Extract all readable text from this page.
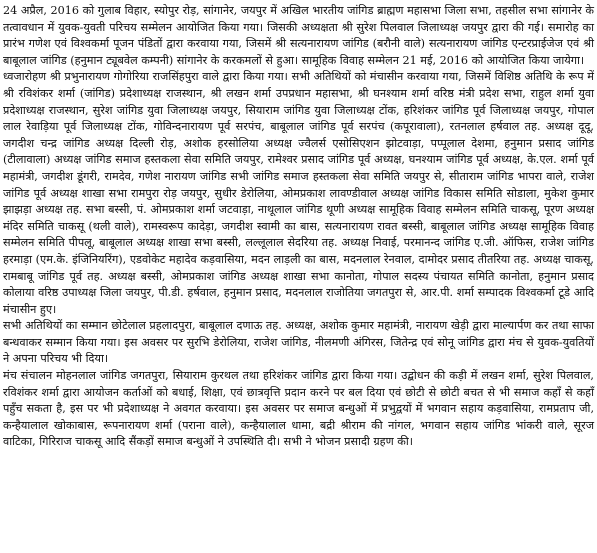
24 अप्रैल, 2016 को गुलाब विहार, स्योपुर रोड़, सांगानेर, जयपुर में अखिल भारतीय जांगिड ब्राह्मण महासभा जिला सभा, तहसील सभा सांगानेर के तत्वावधान में युवक-युवती परिचय सम्मेलन आयोजित किया गया। जिसकी अध्यक्षता श्री सुरेश पिलवाल जिलाध्यक्ष जयपुर द्वारा की गई। समारोह का प्रारंभ गणेश एवं विश्वकर्मा पूजन पंडितों द्वारा करवाया गया, जिसमें श्री सत्यनारायण जांगिड (बरौनी वाले) सत्यनारायण जांगिड एन्टरप्राईजेज एवं श्री बाबूलाल जांगिड (हनुमान ट्यूबवेल कम्पनी) सांगानेर के करकमलों से हुआ। सामूहिक विवाह सम्मेलन 21 मई, 2016 को आयोजित किया जायेगा।

ध्वजारोहण श्री प्रभुनारायण गोगोरिया राजसिंहपुरा वाले द्वारा किया गया। सभी अतिथियों को मंचासीन करवाया गया, जिसमें विशिष्ठ अतिथि के रूप में श्री रविशंकर शर्मा (जांगिड) प्रदेशाध्यक्ष राजस्थान, श्री लखन शर्मा उपप्रधान महासभा, श्री घनश्याम शर्मा वरिष्ठ मंत्री प्रदेश सभा, राहुल शर्मा युवा प्रदेशाध्यक्ष राजस्थान, सुरेश जांगिड युवा जिलाध्यक्ष जयपुर, सियाराम जांगिड युवा जिलाध्यक्ष टोंक, हरिशंकर जांगिड पूर्व जिलाध्यक्ष जयपुर, गोपाल लाल रेवाड़िया पूर्व जिलाध्यक्ष टोंक, गोविन्दनारायण पूर्व सरपंच, बाबूलाल जांगिड पूर्व सरपंच (कपूरावाला), रतनलाल हर्षवाल तह. अध्यक्ष दूदू, जगदीश चन्द्र जांगिड अध्यक्ष दिल्ली रोड़, अशोक हरसोलिया अध्यक्ष ज्वैलर्स एसोसिएशन झोटवाड़ा, पप्पूलाल देशमा, हनुमान प्रसाद जांगिड (टीलावाला) अध्यक्ष जांगिड समाज हस्तकला सेवा समिति जयपुर, रामेश्वर प्रसाद जांगिड पूर्व अध्यक्ष, घनश्याम जांगिड पूर्व अध्यक्ष, के.एल. शर्मा पूर्व महामंत्री, जगदीश डूंगरी, रामदेव, गणेश नारायण जांगिड सभी जांगिड समाज हस्तकला सेवा समिति जयपुर से, सीताराम जांगिड भापरा वाले, राजेश जांगिड पूर्व अध्यक्ष शाखा सभा रामपुरा रोड़ जयपुर, सुधीर डेरोलिया, ओमप्रकाश लावण्डीवाल अध्यक्ष जांगिड विकास समिति सोडाला, मुकेश कुमार झाझड़ा अध्यक्ष तह. सभा बस्सी, पं. ओमप्रकाश शर्मा जटवाड़ा, नाथूलाल जांगिड थूणी अध्यक्ष सामूहिक विवाह सम्मेलन समिति चाकसू, पूरण अध्यक्ष मंदिर समिति चाकसू (थली वाले), रामस्वरूप कादेड़ा, जगदीश स्वामी का बास, सत्यनारायण रावत बस्सी, बाबूलाल जांगिड अध्यक्ष सामूहिक विवाह सम्मेलन समिति पीपलू, बाबूलाल अध्यक्ष शाखा सभा बस्सी, लल्लूलाल सेदरिया तह. अध्यक्ष निवाई, परमानन्द जांगिड ए.जी. ऑफिस, राजेश जांगिड हरमाड़ा (एम.के. इंजिनियरिंग), एडवोकेट महादेव कड़वासिया, मदन लाड़ली का बास, मदनलाल रेनवाल, दामोदर प्रसाद तीतरिया तह. अध्यक्ष चाकसू, रामबाबू जांगिड पूर्व तह. अध्यक्ष बस्सी, ओमप्रकाश जांगिड अध्यक्ष शाखा सभा कानोता, गोपाल सदस्य पंचायत समिति कानोता, हनुमान प्रसाद कोलाया वरिष्ठ उपाध्यक्ष जिला जयपुर, पी.डी. हर्षवाल, हनुमान प्रसाद, मदनलाल राजोतिया जगतपुरा से, आर.पी. शर्मा सम्पादक विश्वकर्मा टूडे आदि मंचासीन हुए।

सभी अतिथियों का सम्मान छोटेलाल प्रहलादपुरा, बाबूलाल दणाऊ तह. अध्यक्ष, अशोक कुमार महामंत्री, नारायण खेड़ी द्वारा माल्यार्पण कर तथा साफा बन्धवाकर सम्मान किया गया। इस अवसर पर सुरभि डेरोलिया, राजेश जांगिड, नीलमणी अंगिरस, जितेन्द्र एवं सोनू जांगिड द्वारा मंच से युवक-युवतियों ने अपना परिचय भी दिया।

मंच संचालन मोहनलाल जांगिड जगतपुरा, सियाराम कुरथल तथा हरिशंकर जांगिड द्वारा किया गया। उद्बोधन की कड़ी में लखन शर्मा, सुरेश पिलवाल, रविशंकर शर्मा द्वारा आयोजन कर्ताओं को बधाई, शिक्षा, एवं छात्रवृत्ति प्रदान करने पर बल दिया एवं छोटी से छोटी बचत से भी समाज कहाँ से कहाँ पहुँच सकता है, इस पर भी प्रदेशाध्यक्ष ने अवगत करवाया। इस अवसर पर समाज बन्धुओं में प्रभुद्वयों में भगवान सहाय कड़वासिया, रामप्रताप जी, कन्हैयालाल खोकाबास, रूपनारायण शर्मा (पराना वाले), कन्हैयालाल धामा, बद्री श्रीराम की नांगल, भगवान सहाय जांगिड भांकरी वाले, सूरज वाटिका, गिरिराज चाकसू आदि सैंकड़ों समाज बन्धुओं ने उपस्थिति दी। सभी ने भोजन प्रसादी ग्रहण की।
